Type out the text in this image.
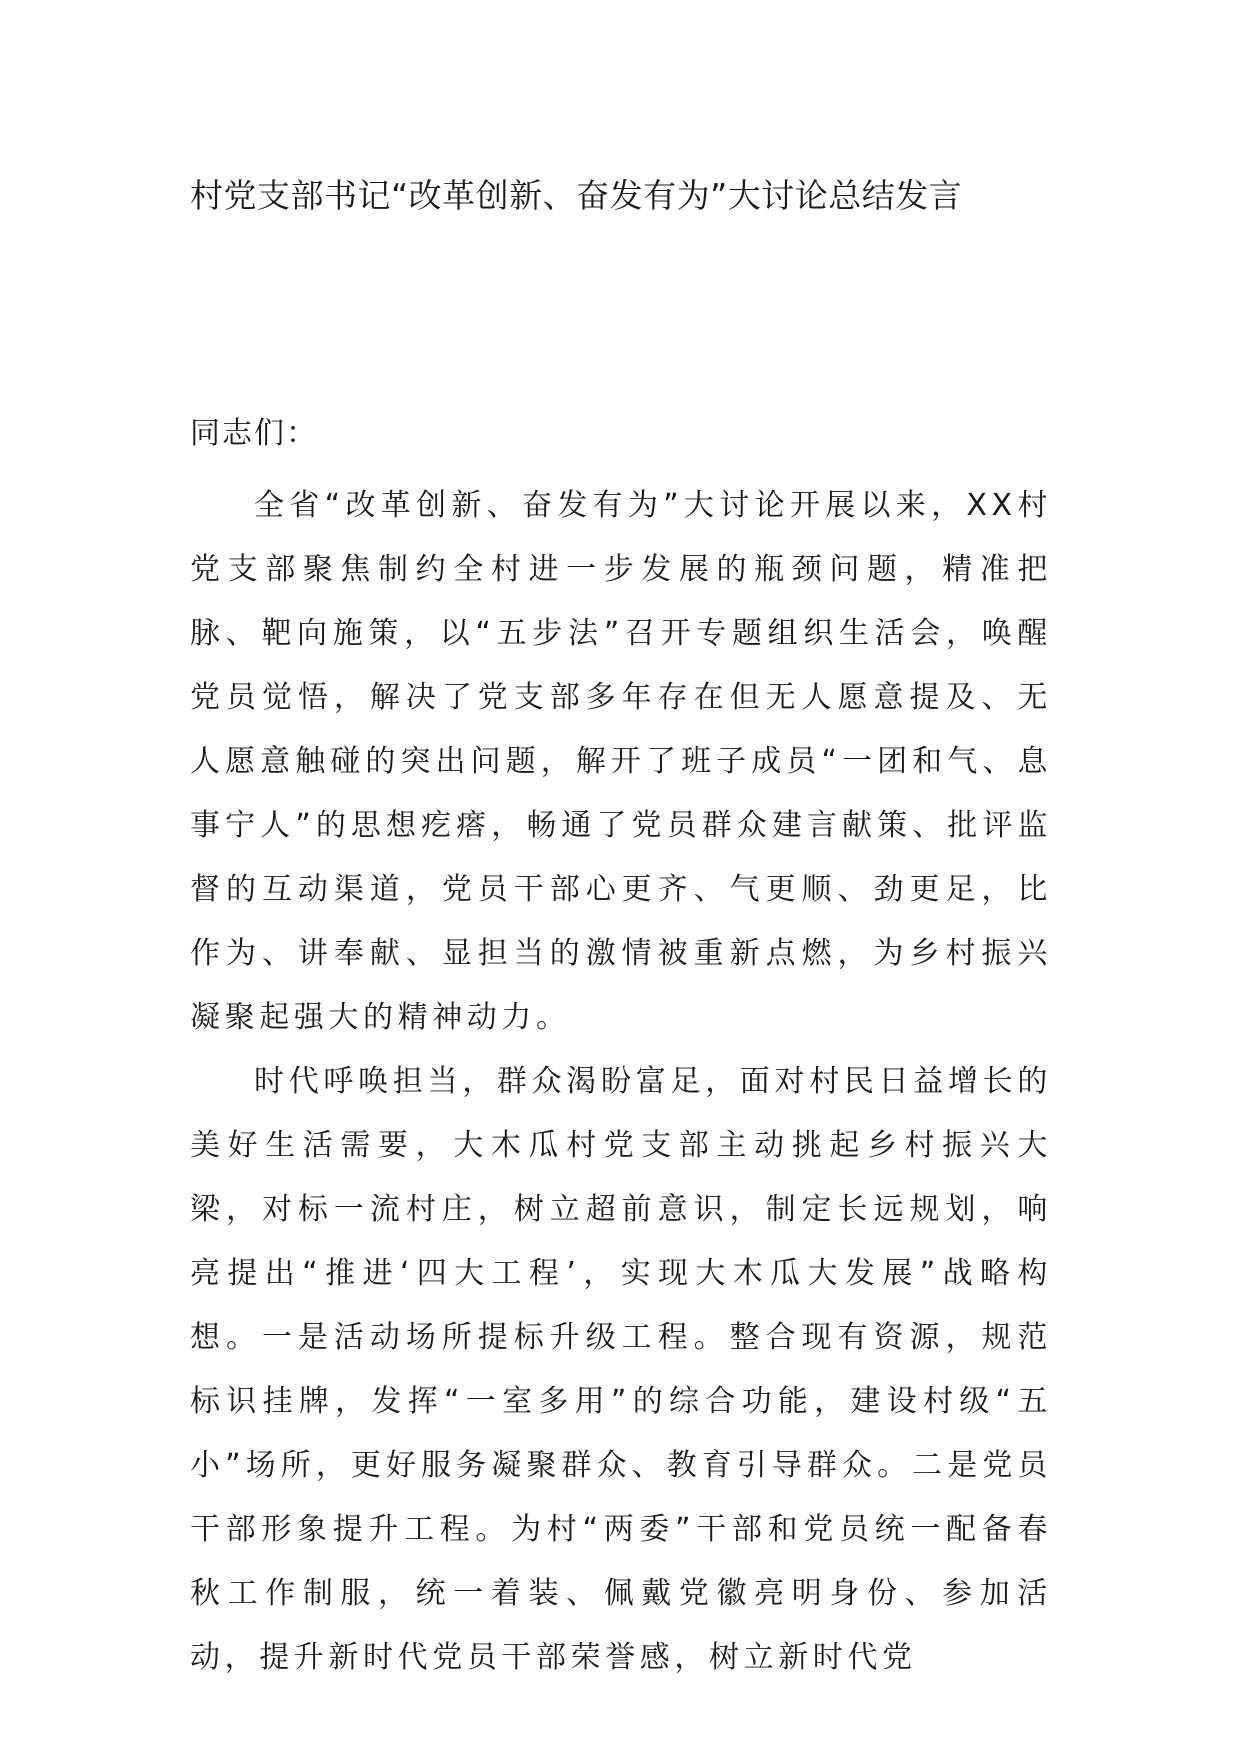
村党支部书记“改革创新、奋发有为”大讨论总结发言

同志们：

全省“改革创新、奋发有为”大讨论开展以来，XX村党支部聚焦制约全村进一步发展的瓶颈问题，精准把脉、靶向施策，以“五步法”召开专题组织生活会，唤醒党员觉悟，解决了党支部多年存在但无人愿意提及、无人愿意触碰的突出问题，解开了班子成员“一团和气、息事宁人”的思想疙瘩，畅通了党员群众建言献策、批评监督的互动渠道，党员干部心更齐、气更顺、劲更足，比作为、讲奉献、显担当的激情被重新点燃，为乡村振兴凝聚起强大的精神动力。

时代呼唤担当，群众渴盼富足，面对村民日益增长的美好生活需要，大木瓜村党支部主动挑起乡村振兴大梁，对标一流村庄，树立超前意识，制定长远规划，响亮提出“推进‘四大工程’，实现大木瓜大发展”战略构想。一是活动场所提标升级工程。整合现有资源，规范标识挂牌，发挥“一室多用”的综合功能，建设村级“五小”场所，更好服务凝聚群众、教育引导群众。二是党员干部形象提升工程。为村“两委”干部和党员统一配备春秋工作制服，统一着装、佩戴党徽亮明身份、参加活动，提升新时代党员干部荣誉感，树立新时代党
